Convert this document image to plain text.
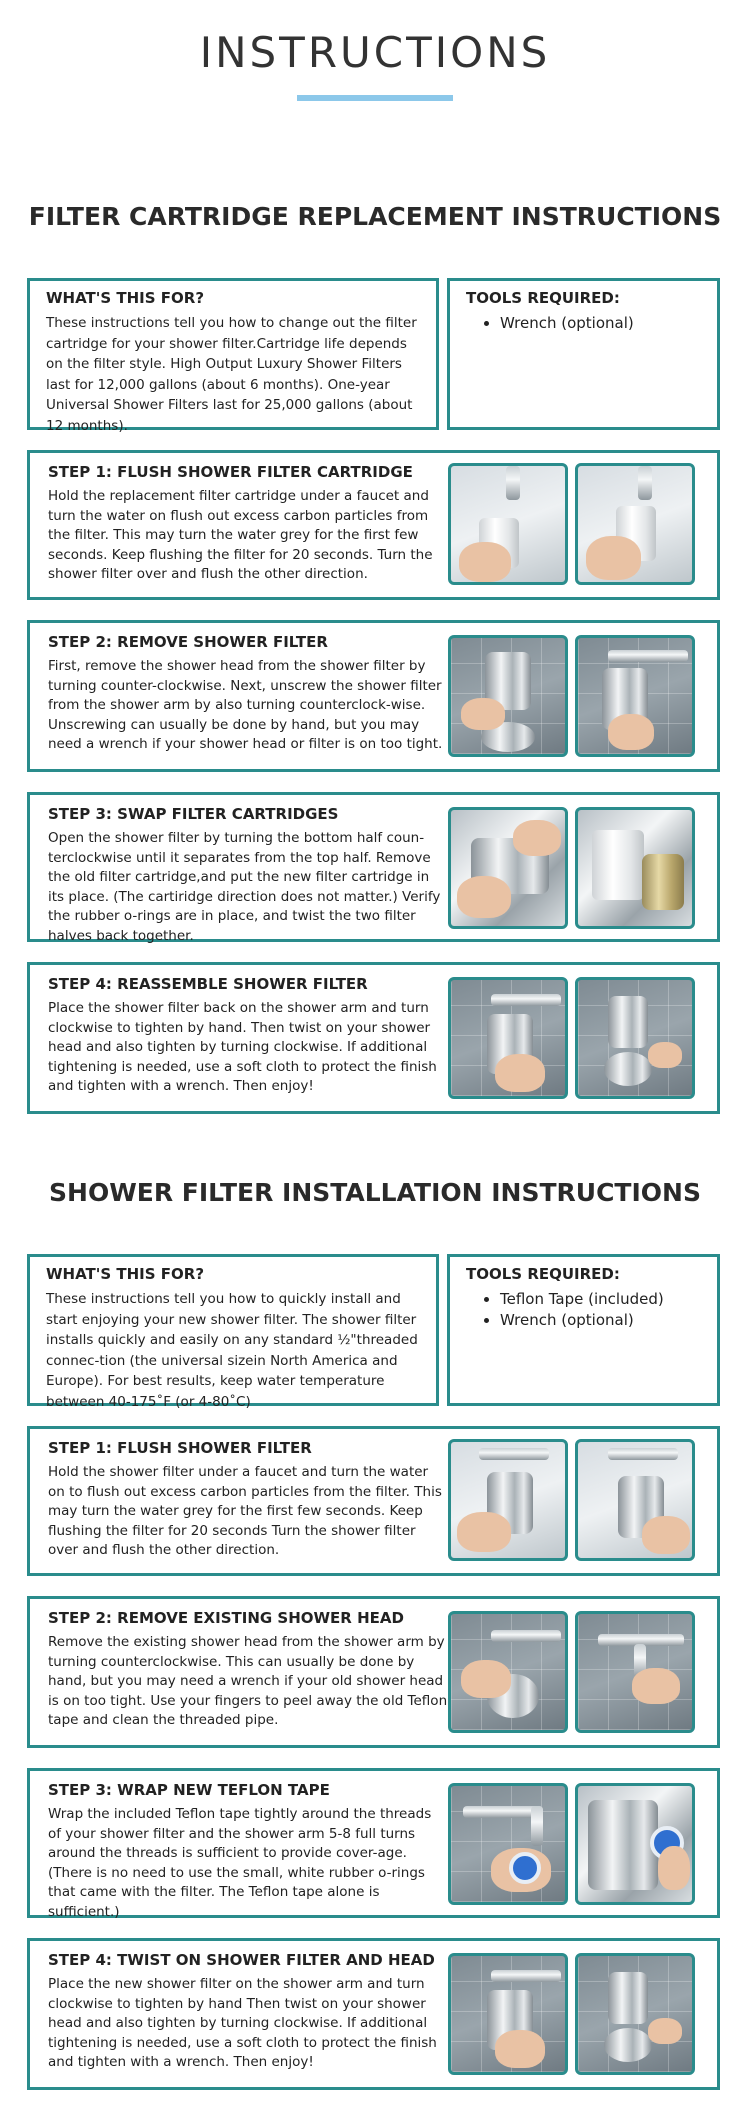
INSTRUCTIONS
FILTER CARTRIDGE REPLACEMENT INSTRUCTIONS
WHAT'S THIS FOR?

These instructions tell you how to change out the filter cartridge for your shower filter.Cartridge life depends on the filter style. High Output Luxury Shower Filters last for 12,000 gallons (about 6 months). One-year Universal Shower Filters last for 25,000 gallons (about 12 months).

TOOLS REQUIRED:
• Wrench (optional)
STEP 1: FLUSH SHOWER FILTER CARTRIDGE

Hold the replacement filter cartridge under a faucet and turn the water on flush out excess carbon particles from the filter. This may turn the water grey for the first few seconds. Keep flushing the filter for 20 seconds. Turn the shower filter over and flush the other direction.

STEP 2: REMOVE SHOWER FILTER

First, remove the shower head from the shower filter by turning counter-clockwise. Next, unscrew the shower filter from the shower arm by also turning counterclock-wise. Unscrewing can usually be done by hand, but you may need a wrench if your shower head or filter is on too tight.

STEP 3: SWAP FILTER CARTRIDGES

Open the shower filter by turning the bottom half coun-terclockwise until it separates from the top half. Remove the old filter cartridge,and put the new filter cartridge in its place. (The cartiridge direction does not matter.) Verify the rubber o-rings are in place, and twist the two filter halves back together.

STEP 4: REASSEMBLE SHOWER FILTER

Place the shower filter back on the shower arm and turn clockwise to tighten by hand. Then twist on your shower head and also tighten by turning clockwise. If additional tightening is needed, use a soft cloth to protect the finish and tighten with a wrench. Then enjoy!

SHOWER FILTER INSTALLATION INSTRUCTIONS
WHAT'S THIS FOR?

These instructions tell you how to quickly install and start enjoying your new shower filter. The shower filter installs quickly and easily on any standard ½"threaded connec-tion (the universal sizein North America and Europe). For best results, keep water temperature between 40-175˚F (or 4-80˚C)

TOOLS REQUIRED:
• Teflon Tape (included)
• Wrench (optional)
STEP 1: FLUSH SHOWER FILTER

Hold the shower filter under a faucet and turn the water on to flush out excess carbon particles from the filter. This may turn the water grey for the first few seconds. Keep flushing the filter for 20 seconds Turn the shower filter over and flush the other direction.

STEP 2: REMOVE EXISTING SHOWER HEAD

Remove the existing shower head from the shower arm by turning counterclockwise. This can usually be done by hand, but you may need a wrench if your old shower head is on too tight. Use your fingers to peel away the old Teflon tape and clean the threaded pipe.

STEP 3: WRAP NEW TEFLON TAPE

Wrap the included Teflon tape tightly around the threads of your shower filter and the shower arm 5-8 full turns around the threads is sufficient to provide cover-age.(There is no need to use the small, white rubber o-rings that came with the filter. The Teflon tape alone is sufficient.)

STEP 4: TWIST ON SHOWER FILTER AND HEAD

Place the new shower filter on the shower arm and turn clockwise to tighten by hand Then twist on your shower head and also tighten by turning clockwise. If additional tightening is needed, use a soft cloth to protect the finish and tighten with a wrench. Then enjoy!
